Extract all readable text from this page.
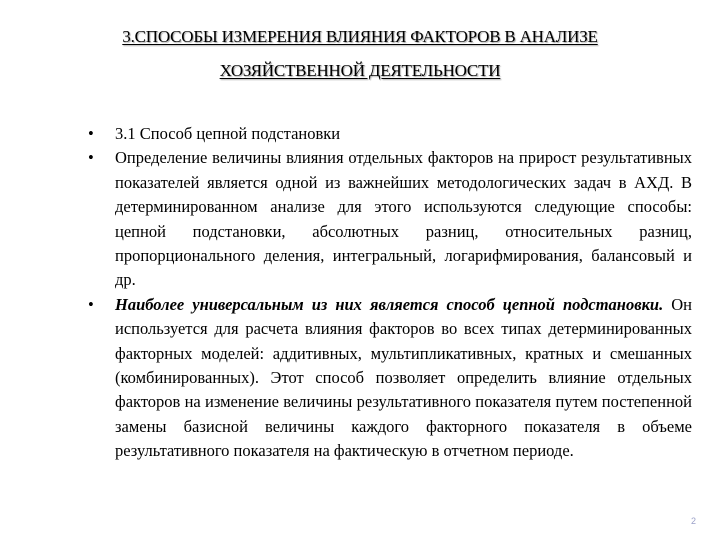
3.СПОСОБЫ ИЗМЕРЕНИЯ ВЛИЯНИЯ ФАКТОРОВ В АНАЛИЗЕ
ХОЗЯЙСТВЕННОЙ ДЕЯТЕЛЬНОСТИ
•	3.1 Способ цепной подстановки
•	Определение величины влияния отдельных факторов на прирост результативных показателей является одной из важнейших методологических задач в АХД. В детерминированном анализе для этого используются следующие способы: цепной подстановки, абсолютных разниц, относительных разниц, пропорционального деления, интегральный, логарифмирования, балансовый и др.
•	Наиболее универсальным из них является способ цепной подстановки. Он используется для расчета влияния факторов во всех типах детерминированных факторных моделей: аддитивных, мультипликативных, кратных и смешанных (комбинированных). Этот способ позволяет определить влияние отдельных факторов на изменение величины результативного показателя путем постепенной замены базисной величины каждого факторного показателя в объеме результативного показателя на фактическую в отчетном периоде.
2
